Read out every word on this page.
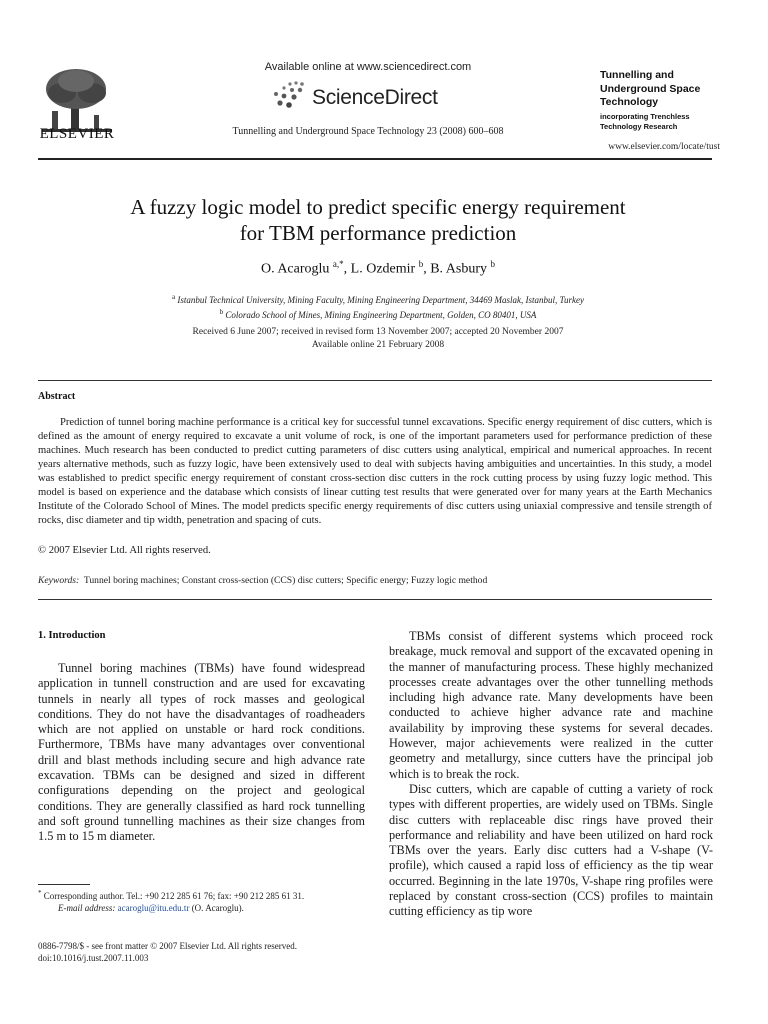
ELSEVIER
Available online at www.sciencedirect.com
ScienceDirect
Tunnelling and Underground Space Technology 23 (2008) 600–608
Tunnelling and
Underground Space
Technology
incorporating Trenchless
Technology Research
www.elsevier.com/locate/tust
A fuzzy logic model to predict specific energy requirement
for TBM performance prediction
O. Acaroglu $^{a,*}$, L. Ozdemir $^b$, B. Asbury $^b$
$^a$ Istanbul Technical University, Mining Faculty, Mining Engineering Department, 34469 Maslak, Istanbul, Turkey
$^b$ Colorado School of Mines, Mining Engineering Department, Golden, CO 80401, USA
Received 6 June 2007; received in revised form 13 November 2007; accepted 20 November 2007
Available online 21 February 2008
Abstract
Prediction of tunnel boring machine performance is a critical key for successful tunnel excavations. Specific energy requirement of disc cutters, which is defined as the amount of energy required to excavate a unit volume of rock, is one of the important parameters used for performance prediction of these machines. Much research has been conducted to predict cutting parameters of disc cutters using analytical, empirical and numerical approaches. In recent years alternative methods, such as fuzzy logic, have been extensively used to deal with subjects having ambiguities and uncertainties. In this study, a model was established to predict specific energy requirement of constant cross-section disc cutters in the rock cutting process by using fuzzy logic method. This model is based on experience and the database which consists of linear cutting test results that were generated over for many years at the Earth Mechanics Institute of the Colorado School of Mines. The model predicts specific energy requirements of disc cutters using uniaxial compressive and tensile strength of rocks, disc diameter and tip width, penetration and spacing of cuts.
© 2007 Elsevier Ltd. All rights reserved.
Keywords: Tunnel boring machines; Constant cross-section (CCS) disc cutters; Specific energy; Fuzzy logic method
1. Introduction

Tunnel boring machines (TBMs) have found widespread application in tunnell construction and are used for excavating tunnels in nearly all types of rock masses and geological conditions. They do not have the disadvantages of roadheaders which are not applied on unstable or hard rock conditions. Furthermore, TBMs have many advantages over conventional drill and blast methods including secure and high advance rate excavation. TBMs can be designed and sized in different configurations depending on the project and geological conditions. They are generally classified as hard rock tunnelling and soft ground tunnelling machines as their size changes from 1.5 m to 15 m diameter.

TBMs consist of different systems which proceed rock breakage, muck removal and support of the excavated opening in the manner of manufacturing process. These highly mechanized processes create advantages over the other tunnelling methods including high advance rate. Many developments have been conducted to achieve higher advance rate and machine availability by improving these systems for several decades. However, major achievements were realized in the cutter geometry and metallurgy, since cutters have the principal job which is to break the rock.

Disc cutters, which are capable of cutting a variety of rock types with different properties, are widely used on TBMs. Single disc cutters with replaceable disc rings have proved their performance and reliability and have been utilized on hard rock TBMs over the years. Early disc cutters had a V-shape (V-profile), which caused a rapid loss of efficiency as the tip wear occurred. Beginning in the late 1970s, V-shape ring profiles were replaced by constant cross-section (CCS) profiles to maintain cutting efficiency as tip wore

* Corresponding author. Tel.: +90 212 285 61 76; fax: +90 212 285 61 31.
E-mail address: acaroglu@itu.edu.tr (O. Acaroglu).
0886-7798/$ - see front matter © 2007 Elsevier Ltd. All rights reserved.
doi:10.1016/j.tust.2007.11.003
